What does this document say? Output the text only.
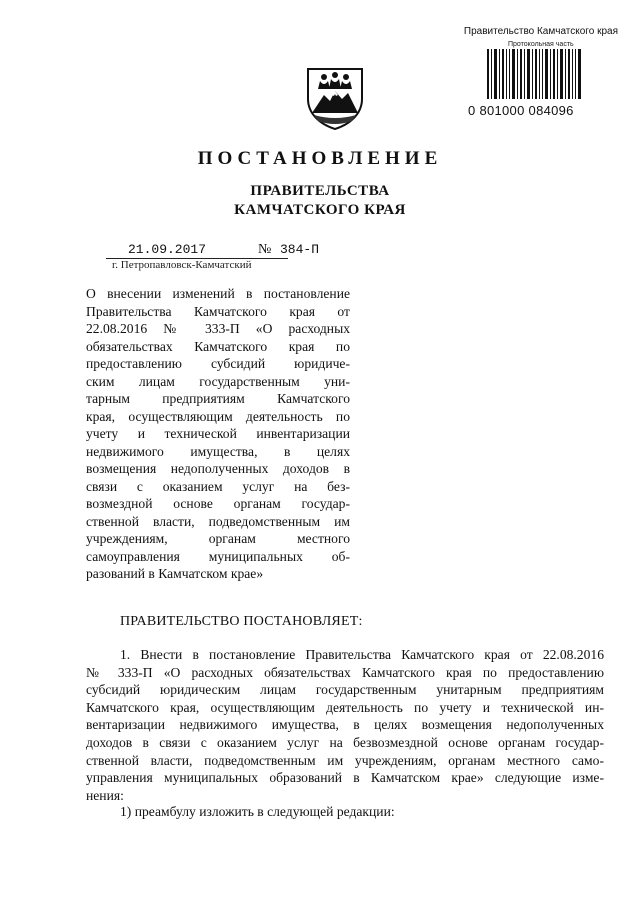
Правительство Камчатского края
Протокольная часть
0 801000 084096
ПОСТАНОВЛЕНИЕ
ПРАВИТЕЛЬСТВА
КАМЧАТСКОГО КРАЯ
21.09.2017	№ 384-П
г. Петропавловск-Камчатский
О внесении изменений в постановление
Правительства Камчатского края от
22.08.2016 № 333-П «О расходных
обязательствах Камчатского края по
предоставлению субсидий юридиче-
ским лицам государственным уни-
тарным предприятиям Камчатского
края, осуществляющим деятельность по
учету и технической инвентаризации
недвижимого имущества, в целях
возмещения недополученных доходов в
связи с оказанием услуг на без-
возмездной основе органам государ-
ственной власти, подведомственным им
учреждениям, органам местного
самоуправления муниципальных об-
разований в Камчатском крае»
ПРАВИТЕЛЬСТВО ПОСТАНОВЛЯЕТ:
1. Внести в постановление Правительства Камчатского края от 22.08.2016
№ 333-П «О расходных обязательствах Камчатского края по предоставлению
субсидий юридическим лицам государственным унитарным предприятиям
Камчатского края, осуществляющим деятельность по учету и технической ин-
вентаризации недвижимого имущества, в целях возмещения недополученных
доходов в связи с оказанием услуг на безвозмездной основе органам государ-
ственной власти, подведомственным им учреждениям, органам местного само-
управления муниципальных образований в Камчатском крае» следующие измe-
нения:
1) преамбулу изложить в следующей редакции:
